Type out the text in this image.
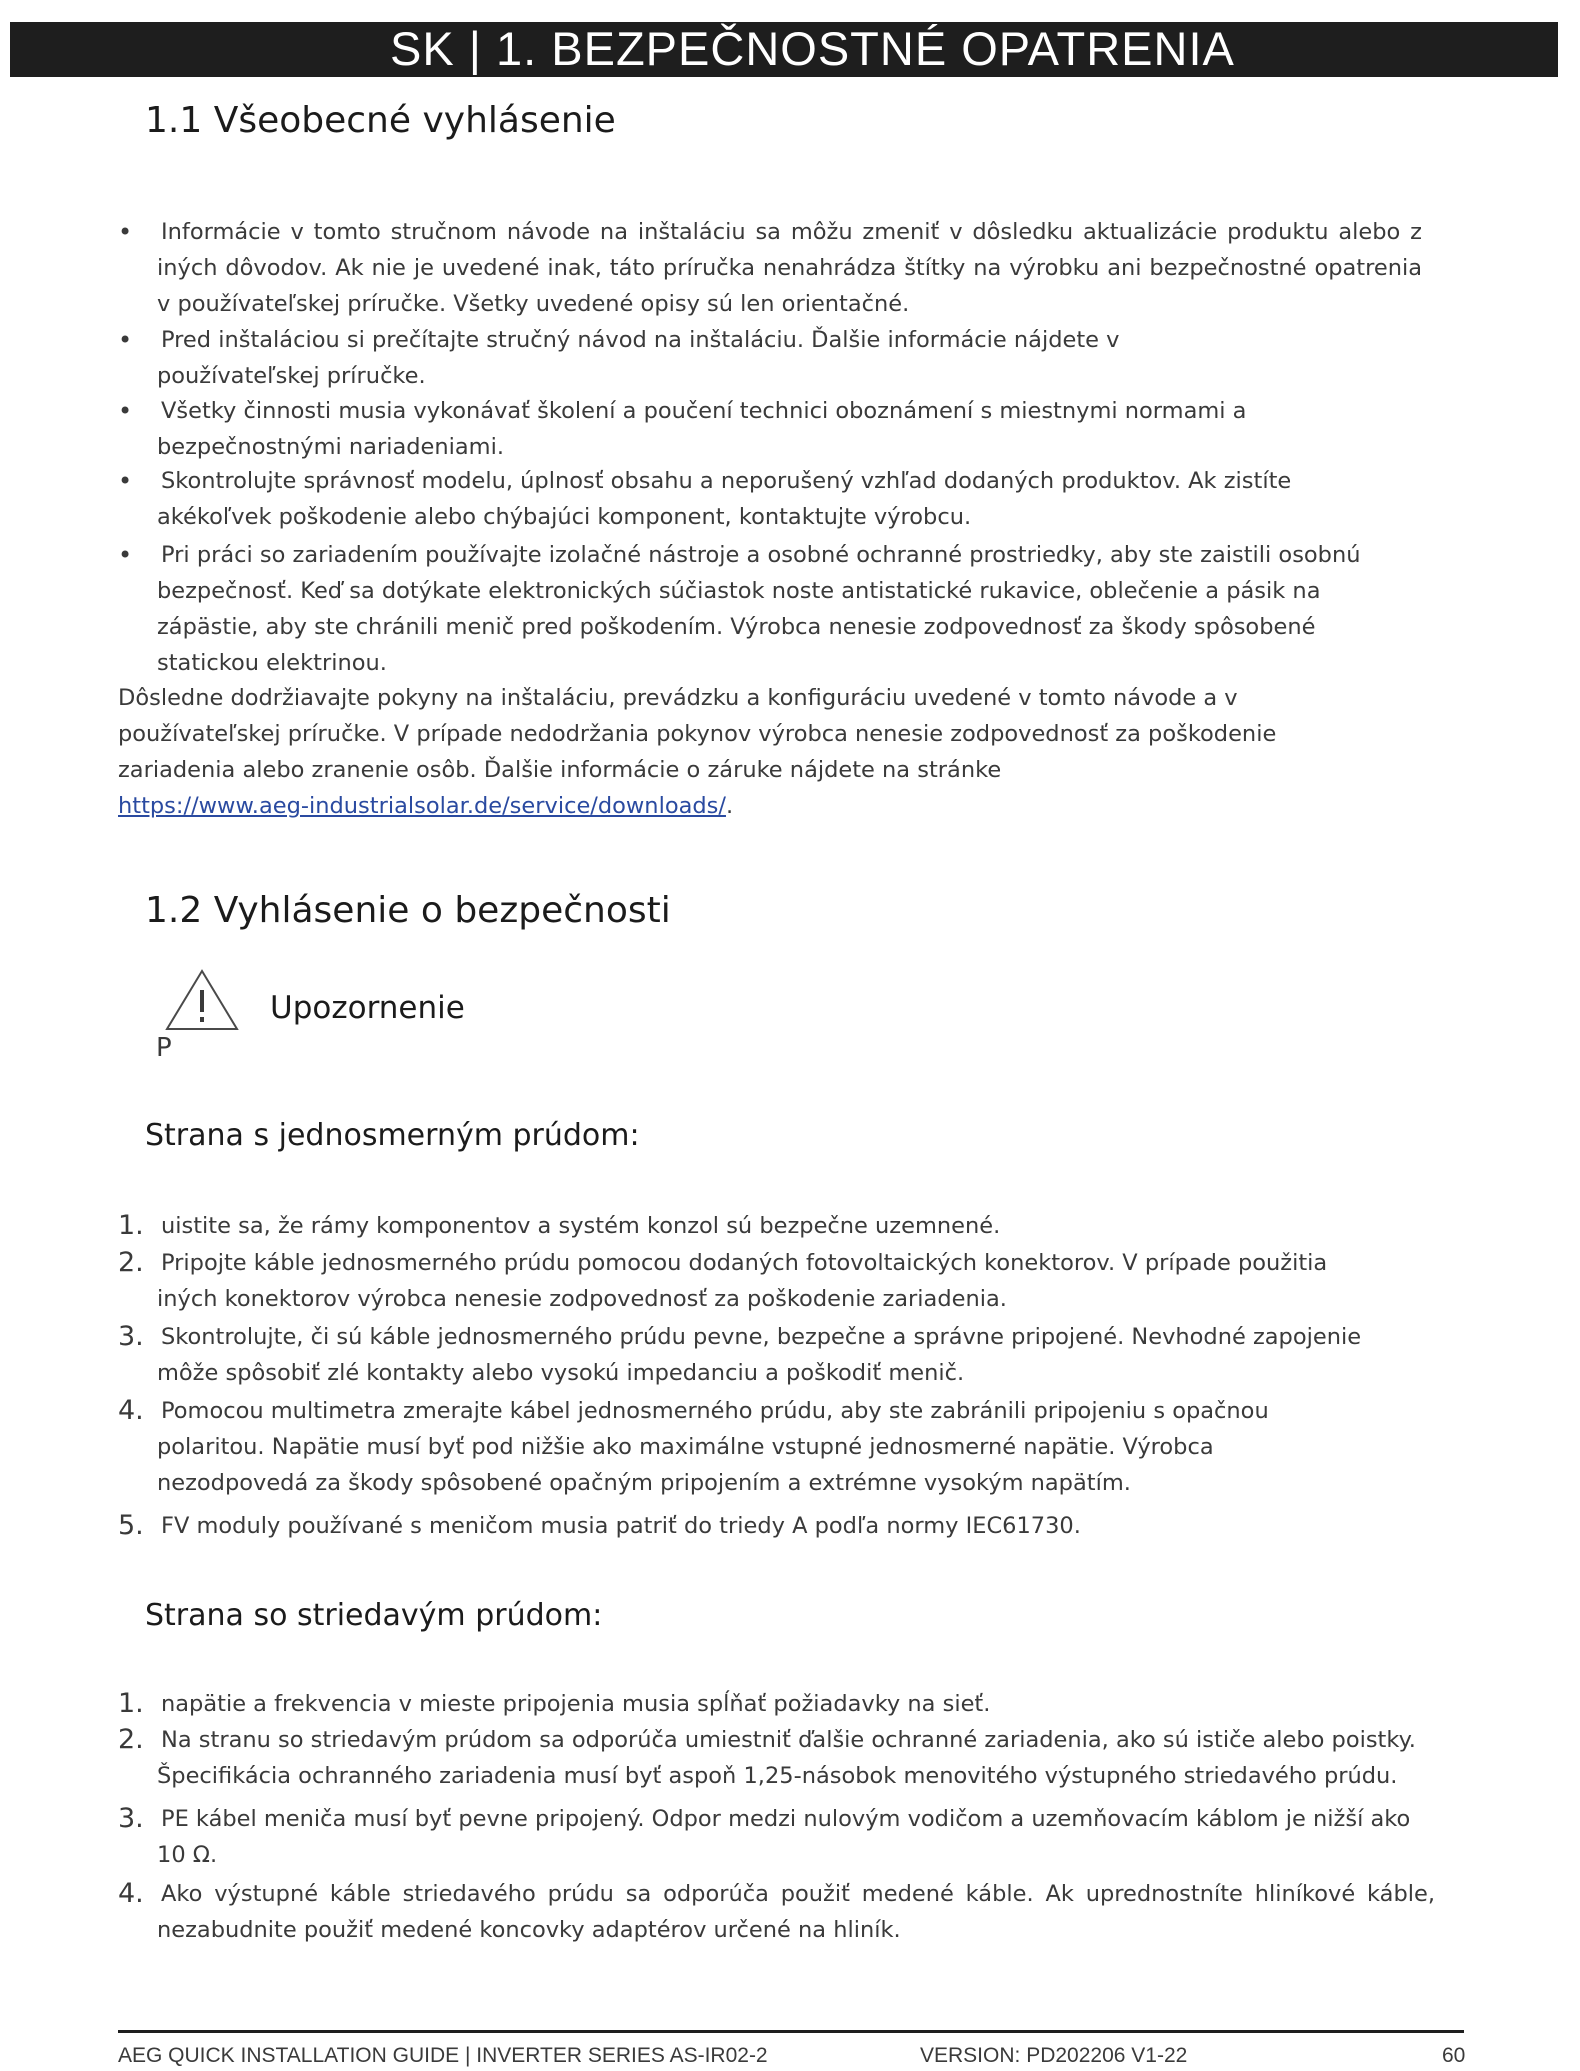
SK | 1. BEZPEČNOSTNÉ OPATRENIA
1.1 Všeobecné vyhlásenie
• Informácie v tomto stručnom návode na inštaláciu sa môžu zmeniť v dôsledku aktualizácie produktu alebo z iných dôvodov. Ak nie je uvedené inak, táto príručka nenahrádza štítky na výrobku ani bezpečnostné opatrenia v používateľskej príručke. Všetky uvedené opisy sú len orientačné.
• Pred inštaláciou si prečítajte stručný návod na inštaláciu. Ďalšie informácie nájdete v používateľskej príručke.
• Všetky činnosti musia vykonávať školení a poučení technici oboznámení s miestnymi normami a bezpečnostnými nariadeniami.
• Skontrolujte správnosť modelu, úplnosť obsahu a neporušený vzhľad dodaných produktov. Ak zistíte akékoľvek poškodenie alebo chýbajúci komponent, kontaktujte výrobcu.
• Pri práci so zariadením používajte izolačné nástroje a osobné ochranné prostriedky, aby ste zaistili osobnú bezpečnosť. Keď sa dotýkate elektronických súčiastok noste antistatické rukavice, oblečenie a pásik na zápästie, aby ste chránili menič pred poškodením. Výrobca nenesie zodpovednosť za škody spôsobené statickou elektrinou.
Dôsledne dodržiavajte pokyny na inštaláciu, prevádzku a konfiguráciu uvedené v tomto návode a v používateľskej príručke. V prípade nedodržania pokynov výrobca nenesie zodpovednosť za poškodenie zariadenia alebo zranenie osôb. Ďalšie informácie o záruke nájdete na stránke
https://www.aeg-industrialsolar.de/service/downloads/.
1.2 Vyhlásenie o bezpečnosti
P
Upozornenie
Strana s jednosmerným prúdom:
1. uistite sa, že rámy komponentov a systém konzol sú bezpečne uzemnené.
2. Pripojte káble jednosmerného prúdu pomocou dodaných fotovoltaických konektorov. V prípade použitia iných konektorov výrobca nenesie zodpovednosť za poškodenie zariadenia.
3. Skontrolujte, či sú káble jednosmerného prúdu pevne, bezpečne a správne pripojené. Nevhodné zapojenie môže spôsobiť zlé kontakty alebo vysokú impedanciu a poškodiť menič.
4. Pomocou multimetra zmerajte kábel jednosmerného prúdu, aby ste zabránili pripojeniu s opačnou polaritou. Napätie musí byť pod nižšie ako maximálne vstupné jednosmerné napätie. Výrobca nezodpovedá za škody spôsobené opačným pripojením a extrémne vysokým napätím.
5. FV moduly používané s meničom musia patriť do triedy A podľa normy IEC61730.
Strana so striedavým prúdom:
1. napätie a frekvencia v mieste pripojenia musia spĺňať požiadavky na sieť.
2. Na stranu so striedavým prúdom sa odporúča umiestniť ďalšie ochranné zariadenia, ako sú ističe alebo poistky. Špecifikácia ochranného zariadenia musí byť aspoň 1,25-násobok menovitého výstupného striedavého prúdu.
3. PE kábel meniča musí byť pevne pripojený. Odpor medzi nulovým vodičom a uzemňovacím káblom je nižší ako 10 Ω.
4. Ako výstupné káble striedavého prúdu sa odporúča použiť medené káble. Ak uprednostníte hliníkové káble, nezabudnite použiť medené koncovky adaptérov určené na hliník.
AEG QUICK INSTALLATION GUIDE | INVERTER SERIES AS-IR02-2	VERSION: PD202206 V1-22	60
